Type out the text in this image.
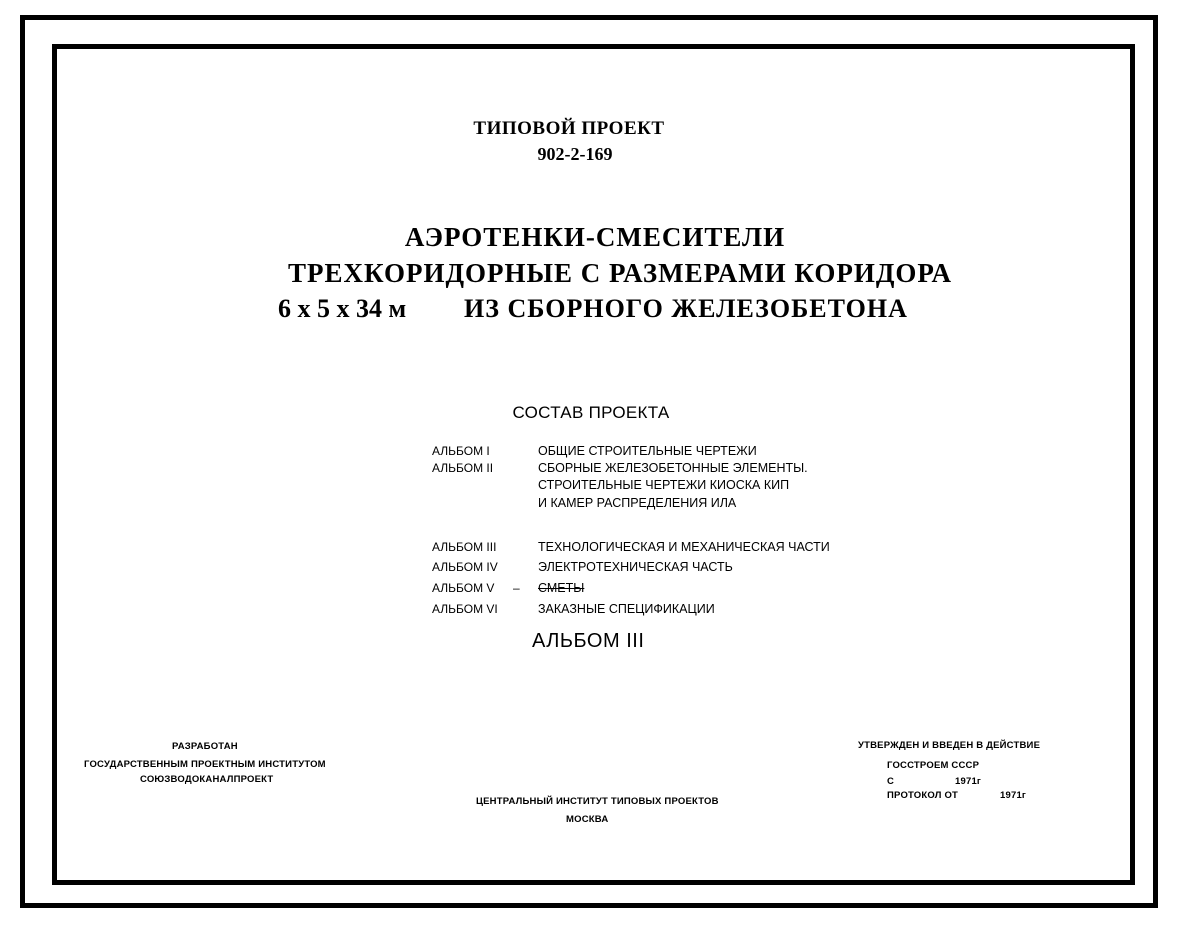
ТИПОВОЙ ПРОЕКТ
902-2-169
АЭРОТЕНКИ-СМЕСИТЕЛИ
ТРЕХКОРИДОРНЫЕ С РАЗМЕРАМИ КОРИДОРА
6 x 5 x 34 м ИЗ СБОРНОГО ЖЕЛЕЗОБЕТОНА
СОСТАВ ПРОЕКТА
АЛЬБОМ I	ОБЩИЕ СТРОИТЕЛЬНЫЕ ЧЕРТЕЖИ
АЛЬБОМ II	СБОРНЫЕ ЖЕЛЕЗОБЕТОННЫЕ ЭЛЕМЕНТЫ.
СТРОИТЕЛЬНЫЕ ЧЕРТЕЖИ КИОСКА КИП
И КАМЕР РАСПРЕДЕЛЕНИЯ ИЛА
АЛЬБОМ III	ТЕХНОЛОГИЧЕСКАЯ И МЕХАНИЧЕСКАЯ ЧАСТИ
АЛЬБОМ IV	ЭЛЕКТРОТЕХНИЧЕСКАЯ ЧАСТЬ
АЛЬБОМ V – СМЕТЫ
АЛЬБОМ VI	ЗАКАЗНЫЕ СПЕЦИФИКАЦИИ
АЛЬБОМ III
РАЗРАБОТАН
ГОСУДАРСТВЕННЫМ ПРОЕКТНЫМ ИНСТИТУТОМ
СОЮЗВОДОКАНАЛПРОЕКТ
ЦЕНТРАЛЬНЫЙ ИНСТИТУТ ТИПОВЫХ ПРОЕКТОВ
МОСКВА
УТВЕРЖДЕН И ВВЕДЕН В ДЕЙСТВИЕ
ГОССТРОЕМ СССР
С	1971г
ПРОТОКОЛ ОТ	1971г
